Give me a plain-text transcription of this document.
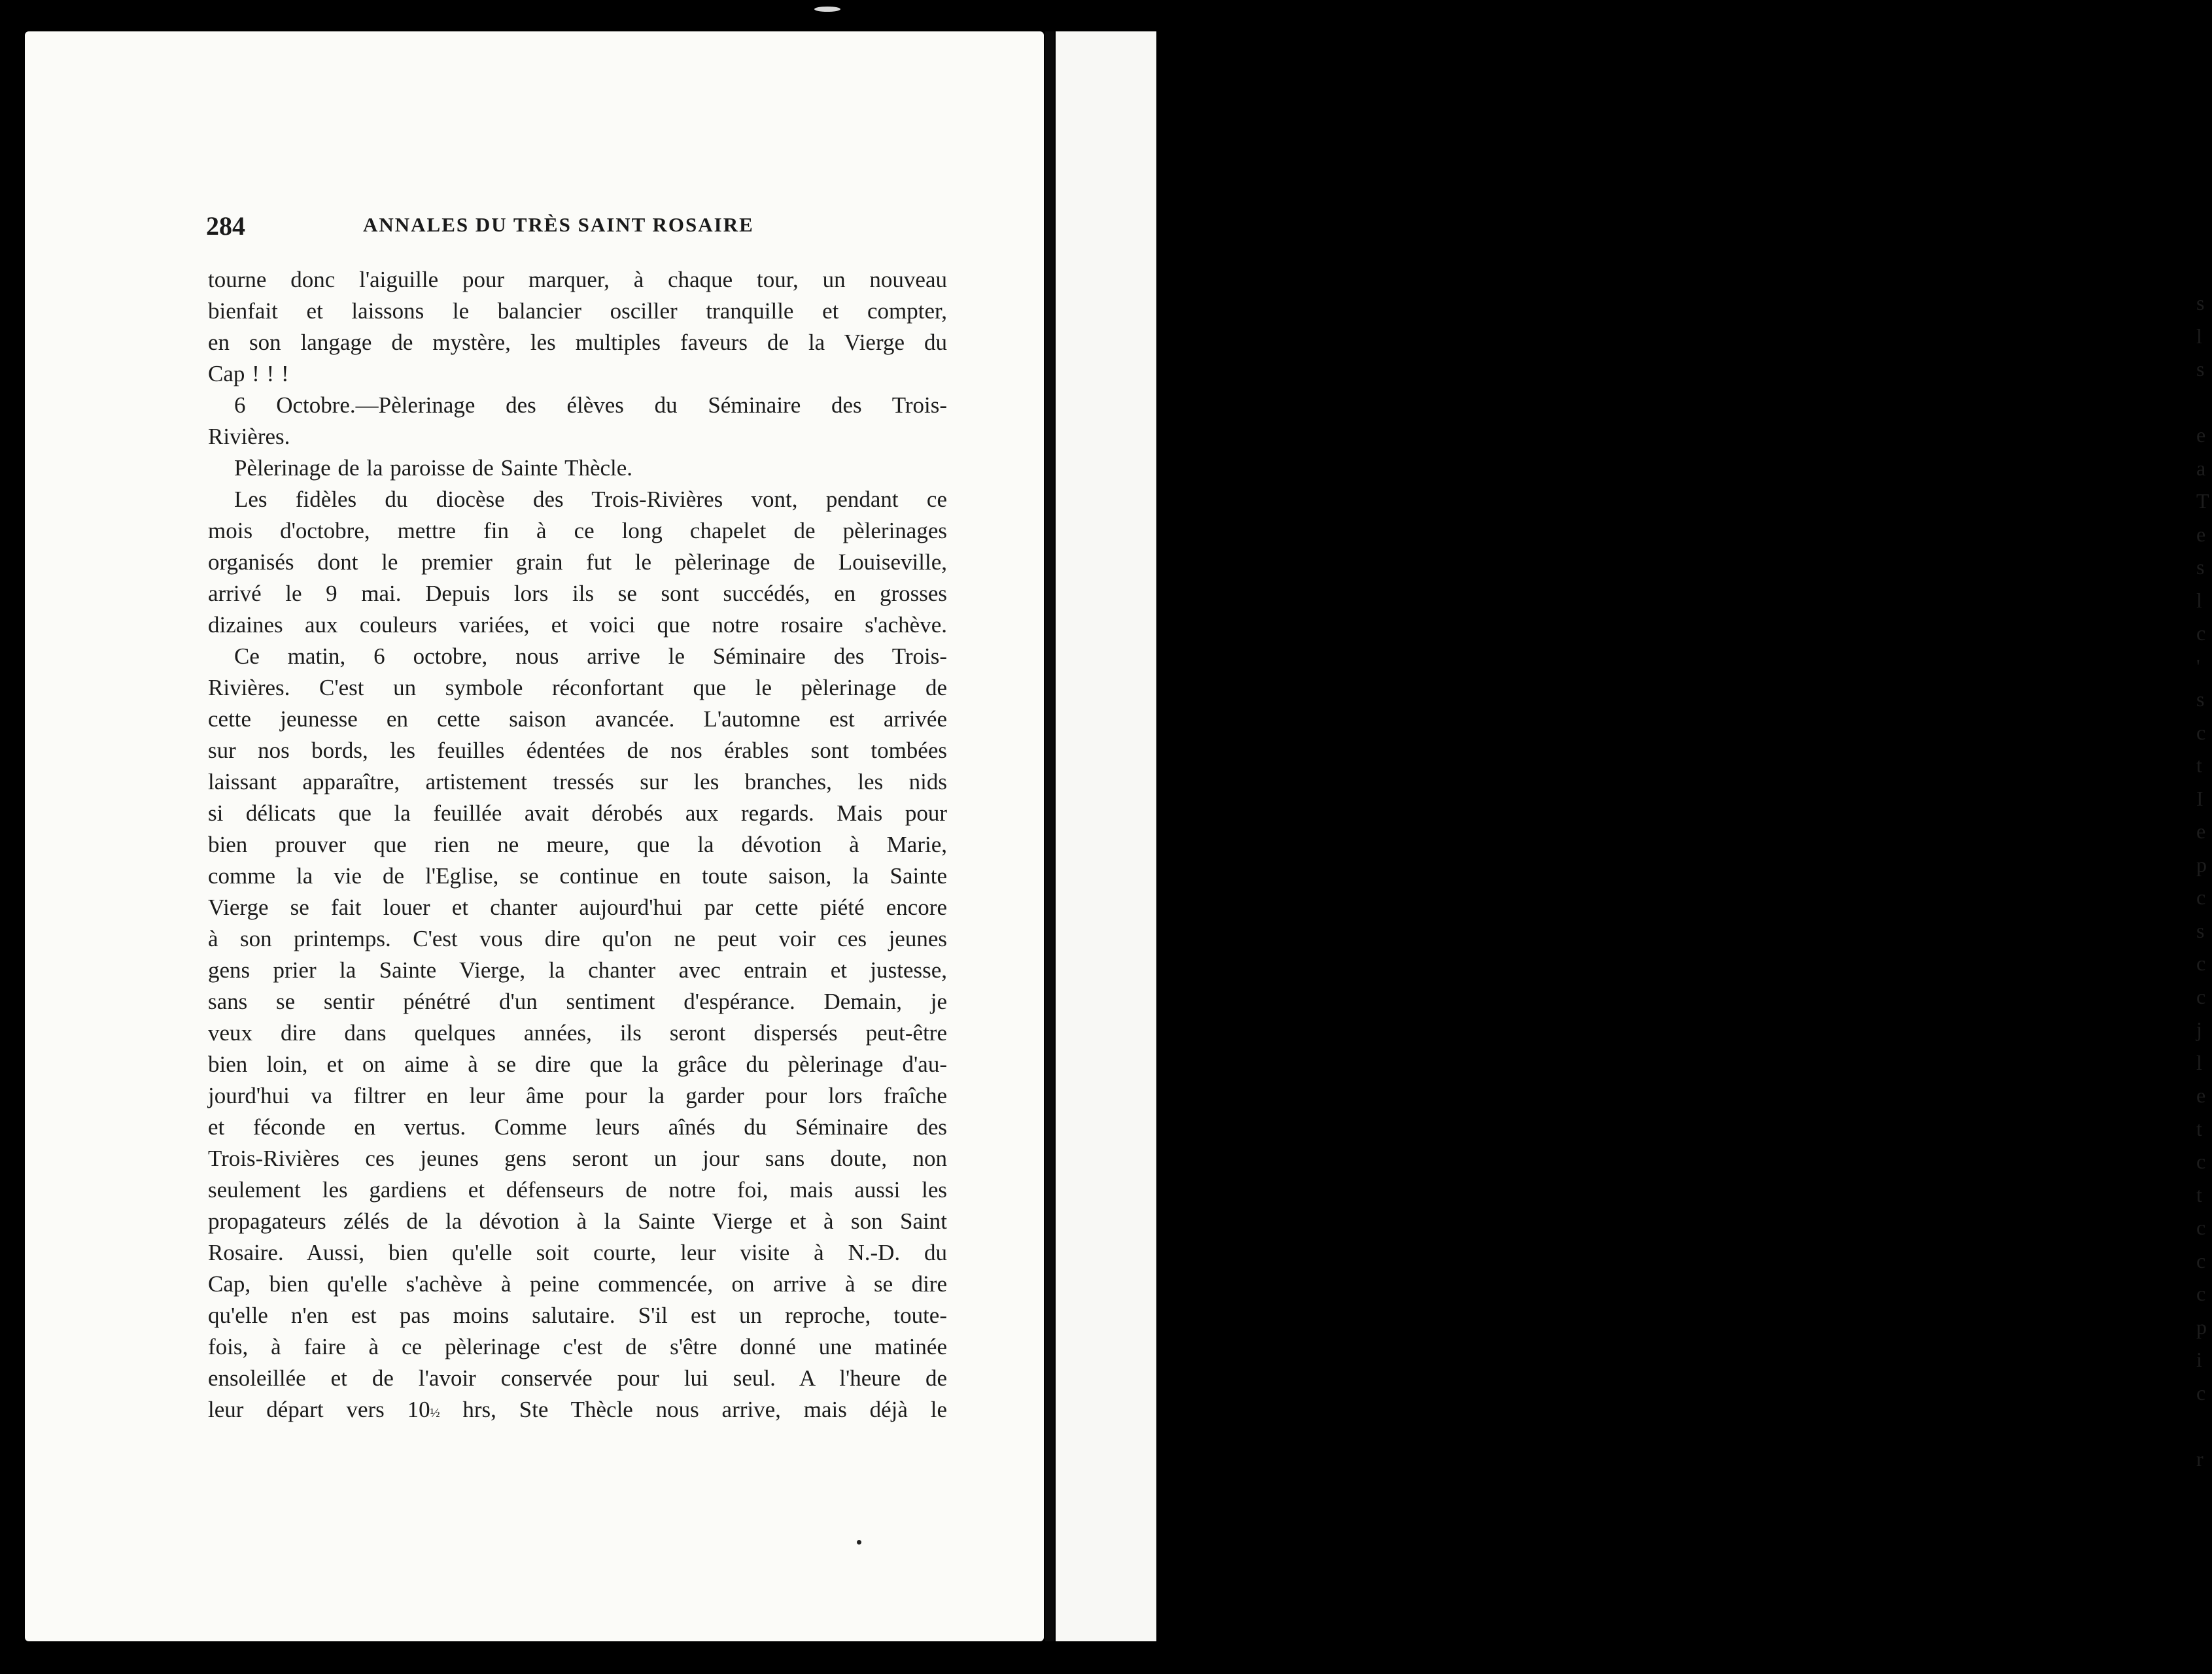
s
l
s
e
a
T
e
s
l
c
'
s
c
t
I
e
p
c
s
c
c
j
l
e
t
c
t
c
c
c
p
i
c
r
284	ANNALES DU TRÈS SAINT ROSAIRE
tourne donc l'aiguille pour marquer, à chaque tour, un nouveau
bienfait et laissons le balancier osciller tranquille et compter,
en son langage de mystère, les multiples faveurs de la Vierge du
Cap ! ! !
6 Octobre.—Pèlerinage des élèves du Séminaire des Trois-
Rivières.
Pèlerinage de la paroisse de Sainte Thècle.
Les fidèles du diocèse des Trois-Rivières vont, pendant ce
mois d'octobre, mettre fin à ce long chapelet de pèlerinages
organisés dont le premier grain fut le pèlerinage de Louiseville,
arrivé le 9 mai. Depuis lors ils se sont succédés, en grosses
dizaines aux couleurs variées, et voici que notre rosaire s'achève.
Ce matin, 6 octobre, nous arrive le Séminaire des Trois-
Rivières. C'est un symbole réconfortant que le pèlerinage de
cette jeunesse en cette saison avancée. L'automne est arrivée
sur nos bords, les feuilles édentées de nos érables sont tombées
laissant apparaître, artistement tressés sur les branches, les nids
si délicats que la feuillée avait dérobés aux regards. Mais pour
bien prouver que rien ne meure, que la dévotion à Marie,
comme la vie de l'Eglise, se continue en toute saison, la Sainte
Vierge se fait louer et chanter aujourd'hui par cette piété encore
à son printemps. C'est vous dire qu'on ne peut voir ces jeunes
gens prier la Sainte Vierge, la chanter avec entrain et justesse,
sans se sentir pénétré d'un sentiment d'espérance. Demain, je
veux dire dans quelques années, ils seront dispersés peut-être
bien loin, et on aime à se dire que la grâce du pèlerinage d'au-
jourd'hui va filtrer en leur âme pour la garder pour lors fraîche
et féconde en vertus. Comme leurs aînés du Séminaire des
Trois-Rivières ces jeunes gens seront un jour sans doute, non
seulement les gardiens et défenseurs de notre foi, mais aussi les
propagateurs zélés de la dévotion à la Sainte Vierge et à son Saint
Rosaire. Aussi, bien qu'elle soit courte, leur visite à N.-D. du
Cap, bien qu'elle s'achève à peine commencée, on arrive à se dire
qu'elle n'en est pas moins salutaire. S'il est un reproche, toute-
fois, à faire à ce pèlerinage c'est de s'être donné une matinée
ensoleillée et de l'avoir conservée pour lui seul. A l'heure de
leur départ vers 10½ hrs, Ste Thècle nous arrive, mais déjà le
